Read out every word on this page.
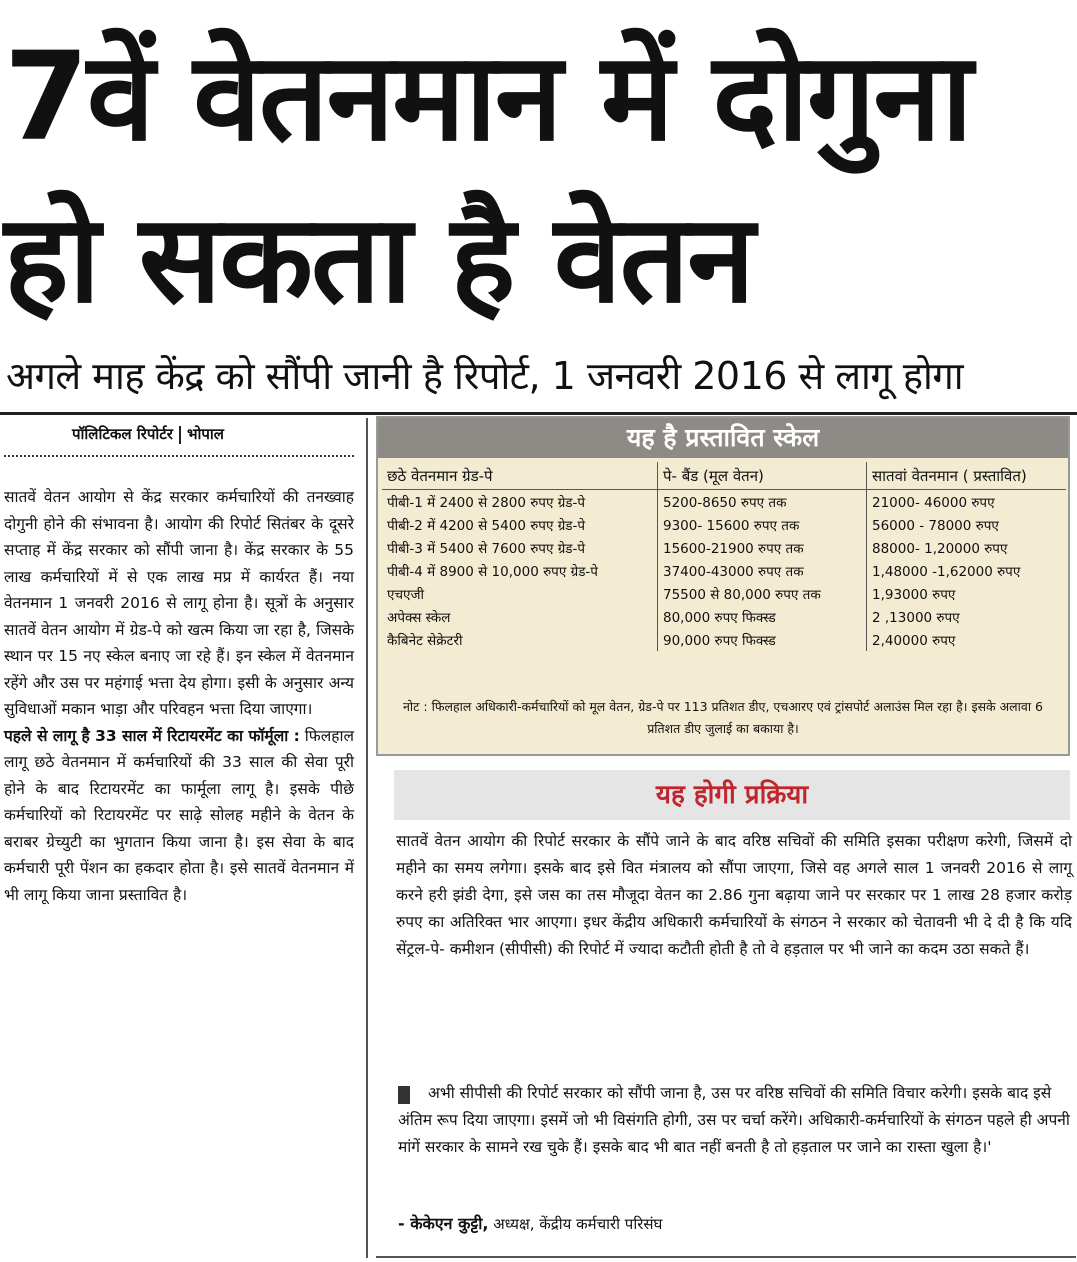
7वें वेतनमान में दोगुना
हो सकता है वेतन
अगले माह केंद्र को सौंपी जानी है रिपोर्ट, 1 जनवरी 2016 से लागू होगा
पॉलिटिकल रिपोर्टर भोपाल

सातवें वेतन आयोग से केंद्र सरकार कर्मचारियों की तनख्वाह दोगुनी होने की संभावना है। आयोग की रिपोर्ट सितंबर के दूसरे सप्ताह में केंद्र सरकार को सौंपी जाना है। केंद्र सरकार के 55 लाख कर्मचारियों में से एक लाख मप्र में कार्यरत हैं। नया वेतनमान 1 जनवरी 2016 से लागू होना है। सूत्रों के अनुसार सातवें वेतन आयोग में ग्रेड-पे को खत्म किया जा रहा है, जिसके स्थान पर 15 नए स्केल बनाए जा रहे हैं। इन स्केल में वेतनमान रहेंगे और उस पर महंगाई भत्ता देय होगा। इसी के अनुसार अन्य सुविधाओं मकान भाड़ा और परिवहन भत्ता दिया जाएगा।

पहले से लागू है 33 साल में रिटायरमेंट का फॉर्मूला : फिलहाल लागू छठे वेतनमान में कर्मचारियों की 33 साल की सेवा पूरी होने के बाद रिटायरमेंट का फार्मूला लागू है। इसके पीछे कर्मचारियों को रिटायरमेंट पर साढ़े सोलह महीने के वेतन के बराबर ग्रेच्युटी का भुगतान किया जाना है। इस सेवा के बाद कर्मचारी पूरी पेंशन का हकदार होता है। इसे सातवें वेतनमान में भी लागू किया जाना प्रस्तावित है।

यह है प्रस्तावित स्केल
छठे वेतनमान ग्रेड-पे	पे- बैंड (मूल वेतन)	सातवां वेतनमान ( प्रस्तावित)
पीबी-1 में 2400 से 2800 रुपए ग्रेड-पे	5200-8650 रुपए तक	21000- 46000 रुपए
पीबी-2 में 4200 से 5400 रुपए ग्रेड-पे	9300- 15600 रुपए तक	56000 - 78000 रुपए
पीबी-3 में 5400 से 7600 रुपए ग्रेड-पे	15600-21900 रुपए तक	88000- 1,20000 रुपए
पीबी-4 में 8900 से 10,000 रुपए ग्रेड-पे	37400-43000 रुपए तक	1,48000 -1,62000 रुपए
एचएजी	75500 से 80,000 रुपए तक	1,93000 रुपए
अपेक्स स्केल	80,000 रुपए फिक्स्ड	2 ,13000 रुपए
कैबिनेट सेक्रेटरी	90,000 रुपए फिक्स्ड	2,40000 रुपए
नोट : फिलहाल अधिकारी-कर्मचारियों को मूल वेतन, ग्रेड-पे पर 113 प्रतिशत डीए, एचआरए एवं ट्रांसपोर्ट अलाउंस मिल रहा है। इसके अलावा 6 प्रतिशत डीए जुलाई का बकाया है।
यह होगी प्रक्रिया
सातवें वेतन आयोग की रिपोर्ट सरकार के सौंपे जाने के बाद वरिष्ठ सचिवों की समिति इसका परीक्षण करेगी, जिसमें दो महीने का समय लगेगा। इसके बाद इसे वित मंत्रालय को सौंपा जाएगा, जिसे वह अगले साल 1 जनवरी 2016 से लागू करने हरी झंडी देगा, इसे जस का तस मौजूदा वेतन का 2.86 गुना बढ़ाया जाने पर सरकार पर 1 लाख 28 हजार करोड़ रुपए का अतिरिक्त भार आएगा। इधर केंद्रीय अधिकारी कर्मचारियों के संगठन ने सरकार को चेतावनी भी दे दी है कि यदि सेंट्रल-पे- कमीशन (सीपीसी) की रिपोर्ट में ज्यादा कटौती होती है तो वे हड़ताल पर भी जाने का कदम उठा सकते हैं।
अभी सीपीसी की रिपोर्ट सरकार को सौंपी जाना है, उस पर वरिष्ठ सचिवों की समिति विचार करेगी। इसके बाद इसे अंतिम रूप दिया जाएगा। इसमें जो भी विसंगति होगी, उस पर चर्चा करेंगे। अधिकारी-कर्मचारियों के संगठन पहले ही अपनी मांगें सरकार के सामने रख चुके हैं। इसके बाद भी बात नहीं बनती है तो हड़ताल पर जाने का रास्ता खुला है।'
- केकेएन कुट्टी, अध्यक्ष, केंद्रीय कर्मचारी परिसंघ
